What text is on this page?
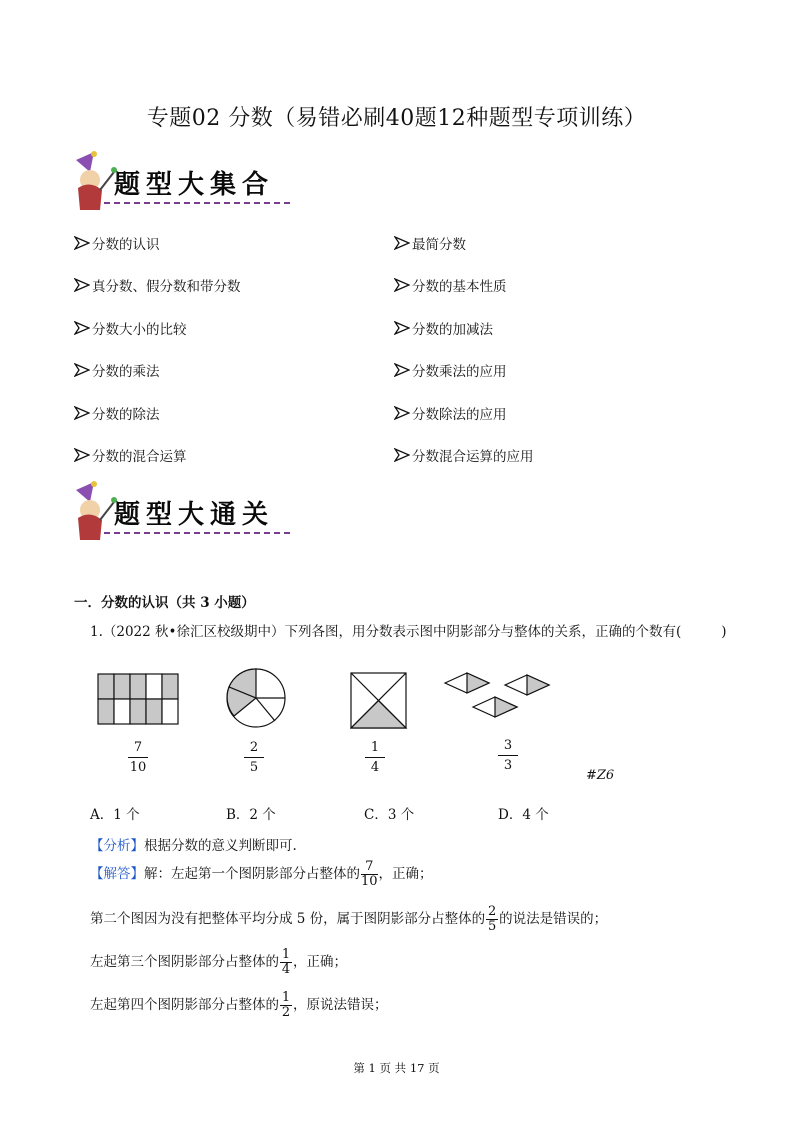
专题02 分数（易错必刷40题12种题型专项训练）
题型大集合
分数的认识
真分数、假分数和带分数
分数大小的比较
分数的乘法
分数的除法
分数的混合运算
最简分数
分数的基本性质
分数的加减法
分数乘法的应用
分数除法的应用
分数混合运算的应用
题型大通关
一．分数的认识（共 3 小题）
1.（2022 秋•徐汇区校级期中）下列各图，用分数表示图中阴影部分与整体的关系，正确的个数有(	)
7
10
2
5
1
4
3
3
#Z6
A．1 个	B．2 个	C．3 个	D．4 个
【分析】根据分数的意义判断即可.
【解答】解：左起第一个图阴影部分占整体的 $\frac{7}{10}$ ，正确；
第二个图因为没有把整体平均分成 5 份，属于图阴影部分占整体的 $\frac{2}{5}$ 的说法是错误的；
左起第三个图阴影部分占整体的 $\frac{1}{4}$ ，正确；
左起第四个图阴影部分占整体的 $\frac{1}{2}$ ，原说法错误；
第 1 页 共 17 页
